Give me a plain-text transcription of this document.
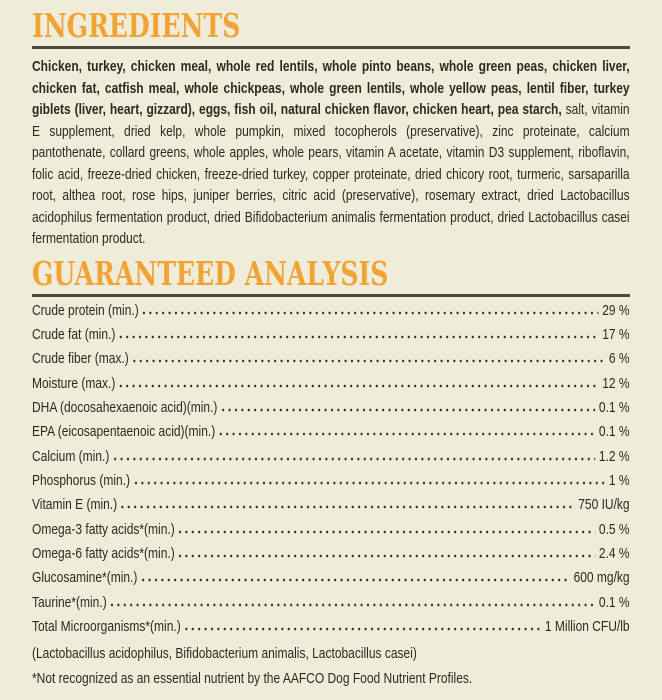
INGREDIENTS

Chicken, turkey, chicken meal, whole red lentils, whole pinto beans, whole green peas, chicken liver, chicken fat, catfish meal, whole chickpeas, whole green lentils, whole yellow peas, lentil fiber, turkey giblets (liver, heart, gizzard), eggs, fish oil, natural chicken flavor, chicken heart, pea starch, salt, vitamin E supplement, dried kelp, whole pumpkin, mixed tocopherols (preservative), zinc proteinate, calcium pantothenate, collard greens, whole apples, whole pears, vitamin A acetate, vitamin D3 supplement, riboflavin, folic acid, freeze-dried chicken, freeze-dried turkey, copper proteinate, dried chicory root, turmeric, sarsaparilla root, althea root, rose hips, juniper berries, citric acid (preservative), rosemary extract, dried Lactobacillus acidophilus fermentation product, dried Bifidobacterium animalis fermentation product, dried Lactobacillus casei fermentation product.

GUARANTEED ANALYSIS
Crude protein (min.)	29 %
Crude fat (min.)	17 %
Crude fiber (max.)	6 %
Moisture (max.)	12 %
DHA (docosahexaenoic acid)(min.)	0.1 %
EPA (eicosapentaenoic acid)(min.)	0.1 %
Calcium (min.)	1.2 %
Phosphorus (min.)	1 %
Vitamin E (min.)	750 IU/kg
Omega-3 fatty acids*(min.)	0.5 %
Omega-6 fatty acids*(min.)	2.4 %
Glucosamine*(min.)	600 mg/kg
Taurine*(min.)	0.1 %
Total Microorganisms*(min.)	1 Million CFU/lb

(Lactobacillus acidophilus, Bifidobacterium animalis, Lactobacillus casei)

*Not recognized as an essential nutrient by the AAFCO Dog Food Nutrient Profiles.
